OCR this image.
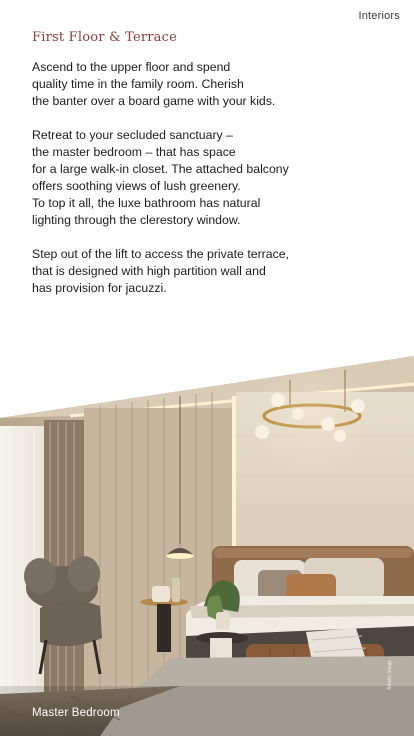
Interiors
First Floor & Terrace

Ascend to the upper floor and spend
quality time in the family room. Cherish
the banter over a board game with your kids.

Retreat to your secluded sanctuary –
the master bedroom – that has space
for a large walk-in closet. The attached balcony
offers soothing views of lush greenery.
To top it all, the luxe bathroom has natural
lighting through the clerestory window.

Step out of the lift to access the private terrace,
that is designed with high partition wall and
has provision for jacuzzi.

Master Bedroom
Artistic Image
